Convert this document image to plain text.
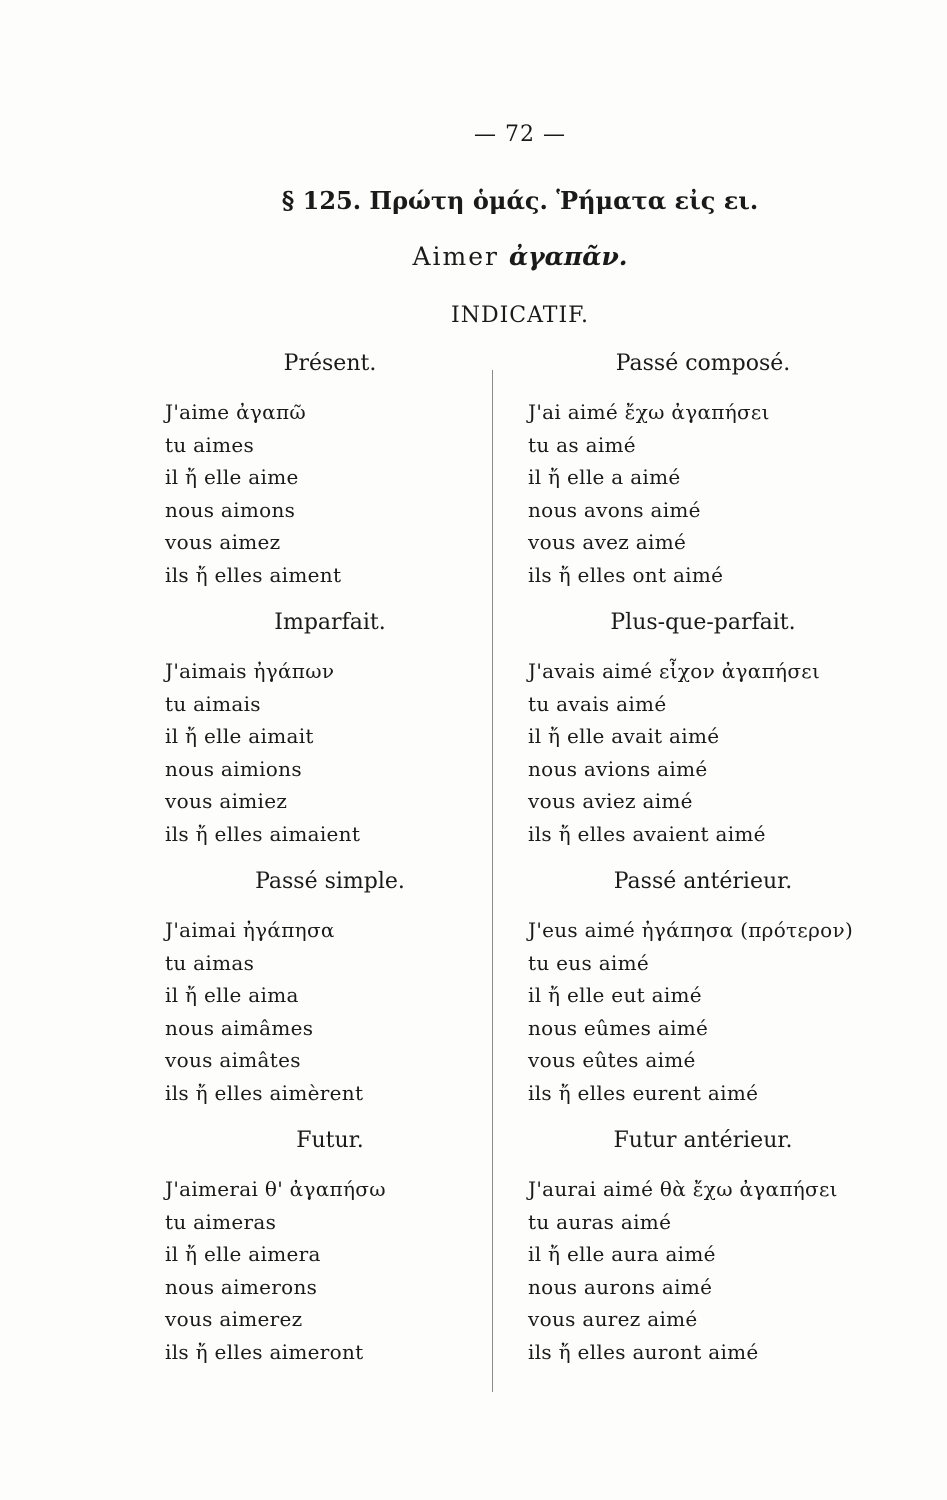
— 72 —
§ 125. Πρώτη ὁμάς. Ῥήματα εἰς ει.
Aimer ἀγαπᾶν.
INDICATIF.
Présent.
J'aime ἀγαπῶ
tu aimes
il ἤ elle aime
nous aimons
vous aimez
ils ἤ elles aiment
Imparfait.
J'aimais ἠγάπων
tu aimais
il ἤ elle aimait
nous aimions
vous aimiez
ils ἤ elles aimaient
Passé simple.
J'aimai ἠγάπησα
tu aimas
il ἤ elle aima
nous aimâmes
vous aimâtes
ils ἤ elles aimèrent
Futur.
J'aimerai θ' ἀγαπήσω
tu aimeras
il ἤ elle aimera
nous aimerons
vous aimerez
ils ἤ elles aimeront
Passé composé.
J'ai aimé ἔχω ἀγαπήσει
tu as aimé
il ἤ elle a aimé
nous avons aimé
vous avez aimé
ils ἤ elles ont aimé
Plus-que-parfait.
J'avais aimé εἶχον ἀγαπήσει
tu avais aimé
il ἤ elle avait aimé
nous avions aimé
vous aviez aimé
ils ἤ elles avaient aimé
Passé antérieur.
J'eus aimé ἠγάπησα (πρότερον)
tu eus aimé
il ἤ elle eut aimé
nous eûmes aimé
vous eûtes aimé
ils ἤ elles eurent aimé
Futur antérieur.
J'aurai aimé θὰ ἔχω ἀγαπήσει
tu auras aimé
il ἤ elle aura aimé
nous aurons aimé
vous aurez aimé
ils ἤ elles auront aimé
